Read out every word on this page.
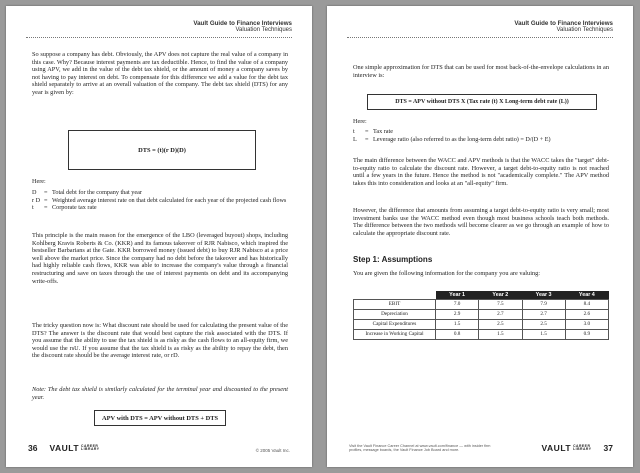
Vault Guide to Finance Interviews
Valuation Techniques
So suppose a company has debt. Obviously, the APV does not capture the real value of a company in this case. Why? Because interest payments are tax deductible. Hence, to find the value of a company using APV, we add in the value of the debt tax shield, or the amount of money a company saves by not having to pay interest on debt. To compensate for this difference we add a value for the debt tax shield separately to arrive at an overall valuation of the company. The debt tax shield (DTS) for any year is given by:
DTS = (t)(r D)(D)
Here:
D	= Total debt for the company that year
r D = Weighted average interest rate on that debt calculated for each year of the projected cash flows
t	= Corporate tax rate
This principle is the main reason for the emergence of the LBO (leveraged buyout) shops, including Kohlberg Kravis Roberts & Co. (KKR) and its famous takeover of RJR Nabisco, which inspired the bestseller Barbarians at the Gate. KKR borrowed money (issued debt) to buy RJR Nabisco at a price well above the market price. Since the company had no debt before the takeover and has historically had highly reliable cash flows, KKR was able to increase the company's value through a financial restructuring and save on taxes through the use of interest payments on debt and its accompanying write-offs.
The tricky question now is: What discount rate should be used for calculating the present value of the DTS? The answer is the discount rate that would best capture the risk associated with the DTS. If you assume that the ability to use the tax shield is as risky as the cash flows to an all-equity firm, we would use the rsU. If you assume that the tax shield is as risky as the ability to repay the debt, then the discount rate should be the average interest rate, or rD.
Note: The debt tax shield is similarly calculated for the terminal year and discounted to the present year.
APV with DTS = APV without DTS + DTS
36 VAULT CAREER
LIBRARY	© 2005 Vault Inc.
Vault Guide to Finance Interviews
Valuation Techniques
One simple approximation for DTS that can be used for most back-of-the-envelope calculations in an interview is:
DTS = APV without DTS X (Tax rate (t) X Long-term debt rate (L))
Here:
t	= Tax rate
L	= Leverage ratio (also referred to as the long-term debt ratio) = D/(D + E)
The main difference between the WACC and APV methods is that the WACC takes the "target" debt-to-equity ratio to calculate the discount rate. However, a target debt-to-equity ratio is not reached until a few years in the future. Hence the method is not "academically complete." The APV method takes this into consideration and looks at an "all-equity" firm.
However, the difference that amounts from assuming a target debt-to-equity ratio is very small; most investment banks use the WACC method even though most business schools teach both methods. The difference between the two methods will become clearer as we go through an example of how to calculate the appropriate discount rate.
Step 1: Assumptions
You are given the following information for the company you are valuing:
	Year 1	Year 2	Year 3	Year 4
EBIT	7.0	7.5	7.9	8.4
Depreciation	2.9	2.7	2.7	2.6
Capital Expenditures	1.5	2.5	2.5	3.0
Increase in Working Capital	0.8	1.5	1.5	0.9
Visit the Vault Finance Career Channel at www.vault.com/finance — with insider firm profiles, message boards, the Vault Finance Job Board and more.	VAULT CAREER
LIBRARY 37
